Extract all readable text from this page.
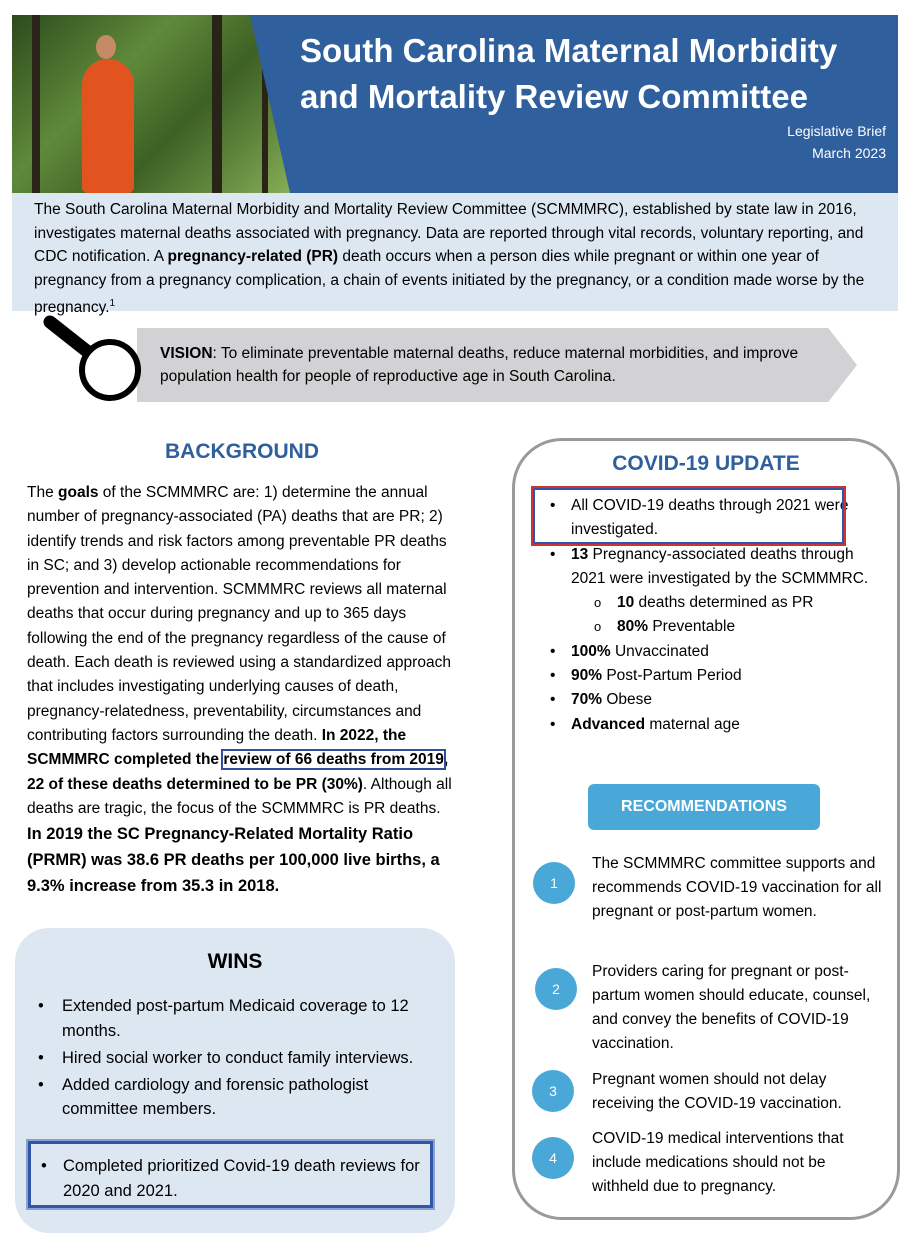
South Carolina Maternal Morbidity
and Mortality Review Committee
Legislative Brief
March 2023
The South Carolina Maternal Morbidity and Mortality Review Committee (SCMMMRC), established by state law in 2016, investigates maternal deaths associated with pregnancy. Data are reported through vital records, voluntary reporting, and CDC notification. A pregnancy-related (PR) death occurs when a person dies while pregnant or within one year of pregnancy from a pregnancy complication, a chain of events initiated by the pregnancy, or a condition made worse by the pregnancy.$^1$
VISION: To eliminate preventable maternal deaths, reduce maternal morbidities, and improve population health for people of reproductive age in South Carolina.
BACKGROUND
The goals of the SCMMMRC are: 1) determine the annual number of pregnancy-associated (PA) deaths that are PR; 2) identify trends and risk factors among preventable PR deaths in SC; and 3) develop actionable recommendations for prevention and intervention. SCMMMRC reviews all maternal deaths that occur during pregnancy and up to 365 days following the end of the pregnancy regardless of the cause of death. Each death is reviewed using a standardized approach that includes investigating underlying causes of death, pregnancy-relatedness, preventability, circumstances and contributing factors surrounding the death. In 2022, the SCMMMRC completed the review of 66 deaths from 2019, 22 of these deaths determined to be PR (30%). Although all deaths are tragic, the focus of the SCMMMRC is PR deaths.
In 2019 the SC Pregnancy-Related Mortality Ratio (PRMR) was 38.6 PR deaths per 100,000 live births, a 9.3% increase from 35.3 in 2018.
WINS
• Extended post-partum Medicaid coverage to 12 months.
• Hired social worker to conduct family interviews.
• Added cardiology and forensic pathologist committee members.
• Completed prioritized Covid-19 death reviews for 2020 and 2021.
COVID-19 UPDATE
• All COVID-19 deaths through 2021 were investigated.
• 13 Pregnancy-associated deaths through 2021 were investigated by the SCMMMRC.
o 10 deaths determined as PR
o 80% Preventable
• 100% Unvaccinated
• 90% Post-Partum Period
• 70% Obese
• Advanced maternal age
RECOMMENDATIONS
1
The SCMMMRC committee supports and recommends COVID-19 vaccination for all pregnant or post-partum women.
2
Providers caring for pregnant or post-partum women should educate, counsel, and convey the benefits of COVID-19 vaccination.
3
Pregnant women should not delay receiving the COVID-19 vaccination.
4
COVID-19 medical interventions that include medications should not be withheld due to pregnancy.
